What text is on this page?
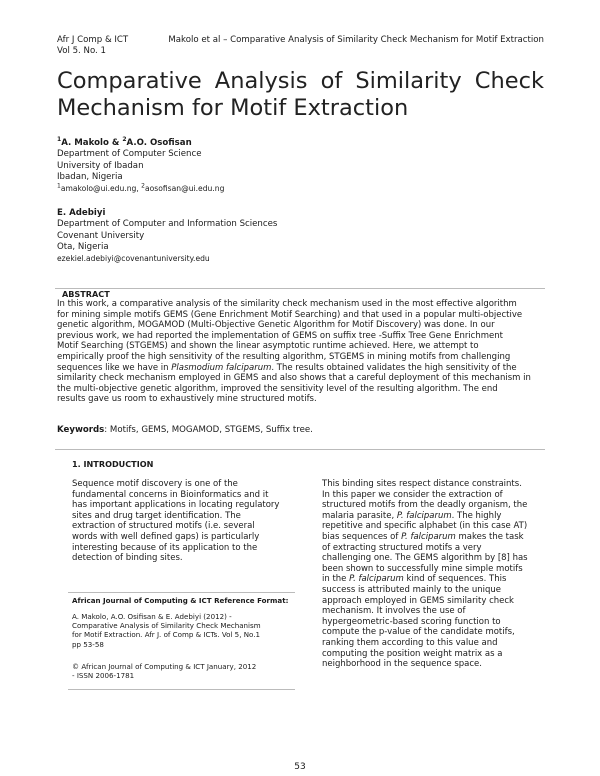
Afr J Comp & ICT
Vol 5. No. 1
Makolo et al – Comparative Analysis of Similarity Check Mechanism for Motif Extraction
Comparative Analysis of Similarity Check
Mechanism for Motif Extraction
$^1$A. Makolo & $^2$A.O. Osofisan
Department of Computer Science
University of Ibadan
Ibadan, Nigeria
$^1$amakolo@ui.edu.ng, $^2$aosofisan@ui.edu.ng
E. Adebiyi
Department of Computer and Information Sciences
Covenant University
Ota, Nigeria
ezekiel.adebiyi@covenantuniversity.edu
ABSTRACT
In this work, a comparative analysis of the similarity check mechanism used in the most effective algorithm
for mining simple motifs GEMS (Gene Enrichment Motif Searching) and that used in a popular multi-objective
genetic algorithm, MOGAMOD (Multi-Objective Genetic Algorithm for Motif Discovery) was done. In our
previous work, we had reported the implementation of GEMS on suffix tree -Suffix Tree Gene Enrichment
Motif Searching (STGEMS) and shown the linear asymptotic runtime achieved. Here, we attempt to
empirically proof the high sensitivity of the resulting algorithm, STGEMS in mining motifs from challenging
sequences like we have in Plasmodium falciparum. The results obtained validates the high sensitivity of the
similarity check mechanism employed in GEMS and also shows that a careful deployment of this mechanism in
the multi-objective genetic algorithm, improved the sensitivity level of the resulting algorithm. The end
results gave us room to exhaustively mine structured motifs.
Keywords: Motifs, GEMS, MOGAMOD, STGEMS, Suffix tree.
1. INTRODUCTION
Sequence motif discovery is one of the
fundamental concerns in Bioinformatics and it
has important applications in locating regulatory
sites and drug target identification. The
extraction of structured motifs (i.e. several
words with well defined gaps) is particularly
interesting because of its application to the
detection of binding sites.
This binding sites respect distance constraints.
In this paper we consider the extraction of
structured motifs from the deadly organism, the
malaria parasite, P. falciparum. The highly
repetitive and specific alphabet (in this case AT)
bias sequences of P. falciparum makes the task
of extracting structured motifs a very
challenging one. The GEMS algorithm by [8] has
been shown to successfully mine simple motifs
in the P. falciparum kind of sequences. This
success is attributed mainly to the unique
approach employed in GEMS similarity check
mechanism. It involves the use of
hypergeometric-based scoring function to
compute the p-value of the candidate motifs,
ranking them according to this value and
computing the position weight matrix as a
neighborhood in the sequence space.
African Journal of Computing & ICT Reference Format:
A. Makolo, A.O. Osifisan & E. Adebiyi (2012) -
Comparative Analysis of Similarity Check Mechanism
for Motif Extraction. Afr J. of Comp & ICTs. Vol 5, No.1
pp 53-58
© African Journal of Computing & ICT January, 2012
- ISSN 2006-1781
53
